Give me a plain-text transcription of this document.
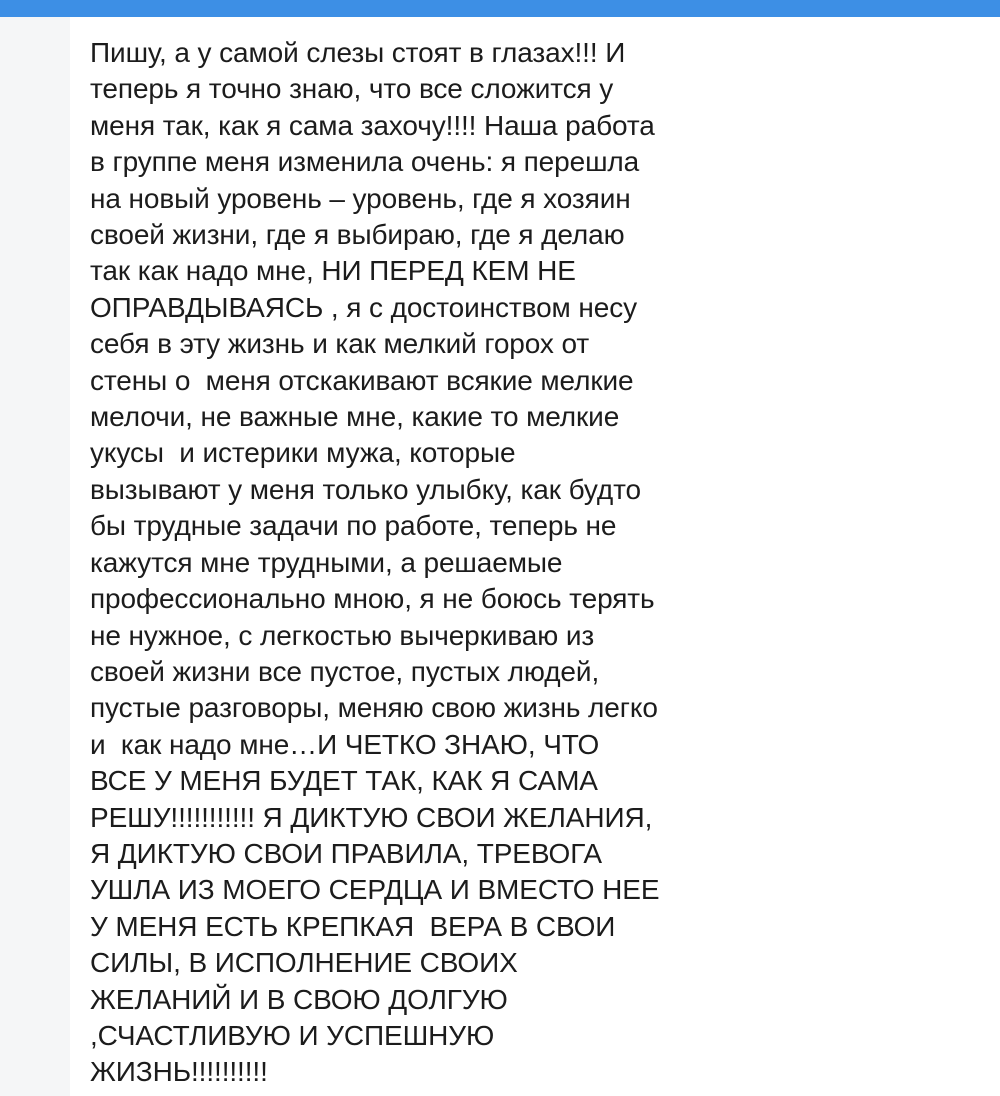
Пишу, а у самой слезы стоят в глазах!!! И
теперь я точно знаю, что все сложится у
меня так, как я сама захочу!!!! Наша работа
в группе меня изменила очень: я перешла
на новый уровень – уровень, где я хозяин
своей жизни, где я выбираю, где я делаю
так как надо мне, НИ ПЕРЕД КЕМ НЕ
ОПРАВДЫВАЯСЬ , я с достоинством несу
себя в эту жизнь и как мелкий горох от
стены о  меня отскакивают всякие мелкие
мелочи, не важные мне, какие то мелкие
укусы  и истерики мужа, которые
вызывают у меня только улыбку, как будто
бы трудные задачи по работе, теперь не
кажутся мне трудными, а решаемые
профессионально мною, я не боюсь терять
не нужное, с легкостью вычеркиваю из
своей жизни все пустое, пустых людей,
пустые разговоры, меняю свою жизнь легко
и  как надо мне…И ЧЕТКО ЗНАЮ, ЧТО
ВСЕ У МЕНЯ БУДЕТ ТАК, КАК Я САМА
РЕШУ!!!!!!!!!!! Я ДИКТУЮ СВОИ ЖЕЛАНИЯ,
Я ДИКТУЮ СВОИ ПРАВИЛА, ТРЕВОГА
УШЛА ИЗ МОЕГО СЕРДЦА И ВМЕСТО НЕЕ
У МЕНЯ ЕСТЬ КРЕПКАЯ  ВЕРА В СВОИ
СИЛЫ, В ИСПОЛНЕНИЕ СВОИХ
ЖЕЛАНИЙ И В СВОЮ ДОЛГУЮ
,СЧАСТЛИВУЮ И УСПЕШНУЮ
ЖИЗНЬ!!!!!!!!!!
